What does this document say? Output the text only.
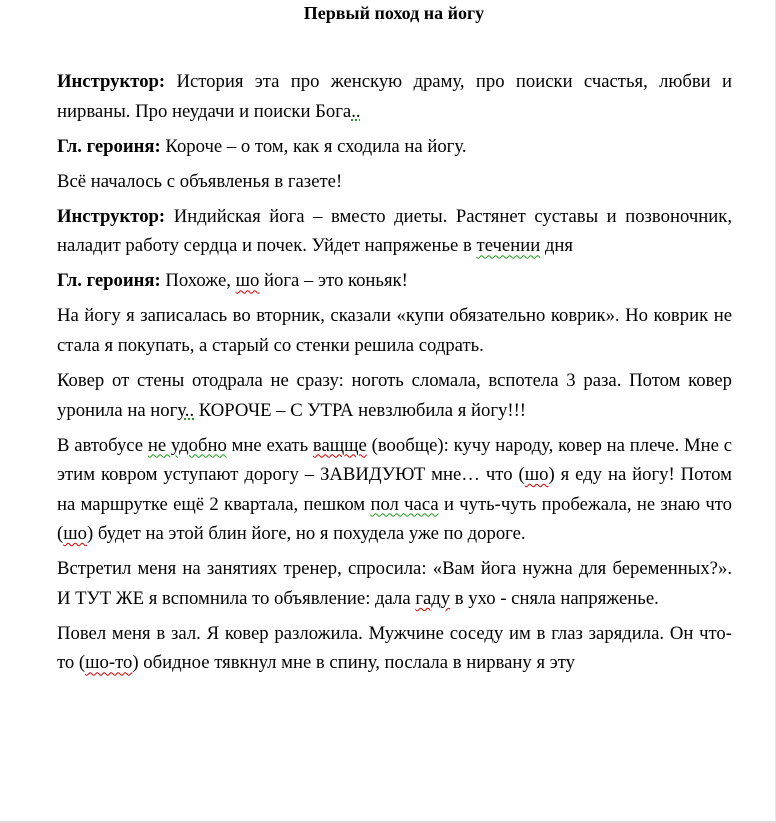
Первый поход на йогу

Инструктор: История эта про женскую драму, про поиски счастья, любви и нирваны. Про неудачи и поиски Бога..

Гл. героиня: Короче – о том, как я сходила на йогу.

Всё началось с объявленья в газете!

Инструктор: Индийская йога – вместо диеты. Растянет суставы и позвоночник, наладит работу сердца и почек. Уйдет напряженье в течении дня

Гл. героиня: Похоже, шо йога – это коньяк!

На йогу я записалась во вторник, сказали «купи обязательно коврик». Но коврик не стала я покупать, а старый со стенки решила содрать.

Ковер от стены отодрала не сразу: ноготь сломала, вспотела 3 раза. Потом ковер уронила на ногу.. КОРОЧЕ – С УТРА невзлюбила я йогу!!!

В автобусе не удобно мне ехать ващще (вообще): кучу народу, ковер на плече. Мне с этим ковром уступают дорогу – ЗАВИДУЮТ мне… что (шо) я еду на йогу! Потом на маршрутке ещё 2 квартала, пешком пол часа и чуть-чуть пробежала, не знаю что (шо) будет на этой блин йоге, но я похудела уже по дороге.

Встретил меня на занятиях тренер, спросила: «Вам йога нужна для беременных?». И ТУТ ЖЕ я вспомнила то объявление: дала гаду в ухо - сняла напряженье.

Повел меня в зал. Я ковер разложила. Мужчине соседу им в глаз зарядила. Он что-то (шо-то) обидное тявкнул мне в спину, послала в нирвану я эту
